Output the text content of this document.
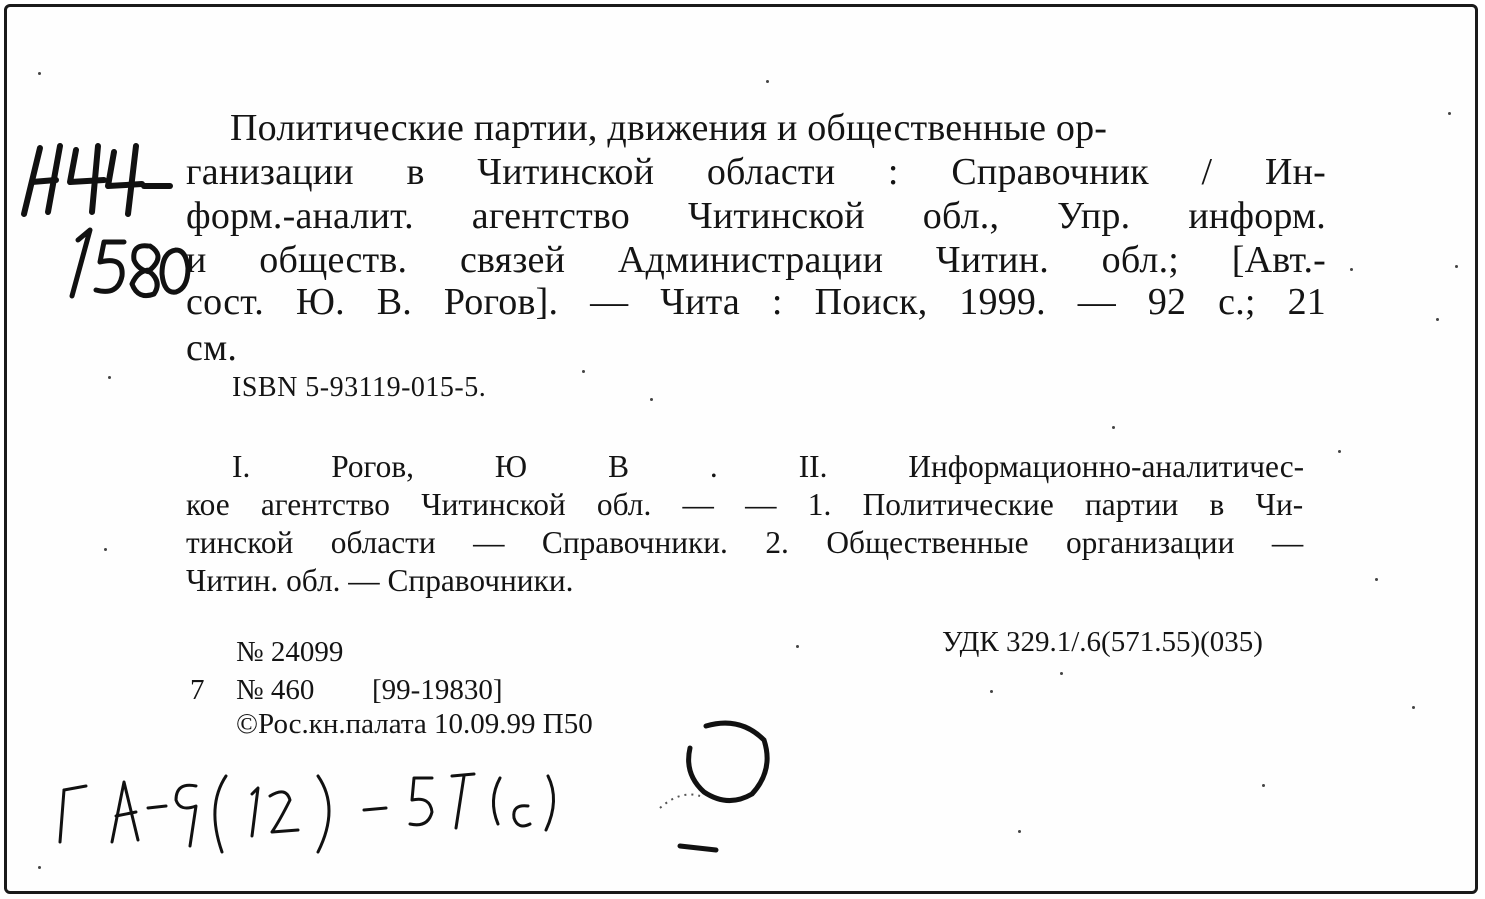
Политические партии, движения и общественные ор-
ганизации в Читинской области : Справочник / Ин-
форм.-аналит. агентство Читинской обл., Упр. информ.
и обществ. связей Администрации Читин. обл.; [Авт.-
сост. Ю. В. Рогов]. — Чита : Поиск, 1999. — 92 с.; 21
см.
ISBN 5-93119-015-5.
I. Рогов, Ю В . II. Информационно-аналитичес-
кое агентство Читинской обл. — — 1. Политические партии в Чи-
тинской области — Справочники. 2. Общественные организации —
Читин. обл. — Справочники.
№ 24099	УДК 329.1/.6(571.55)(035)
7 № 460 [99-19830]
©Рос.кн.палата 10.09.99 П50
